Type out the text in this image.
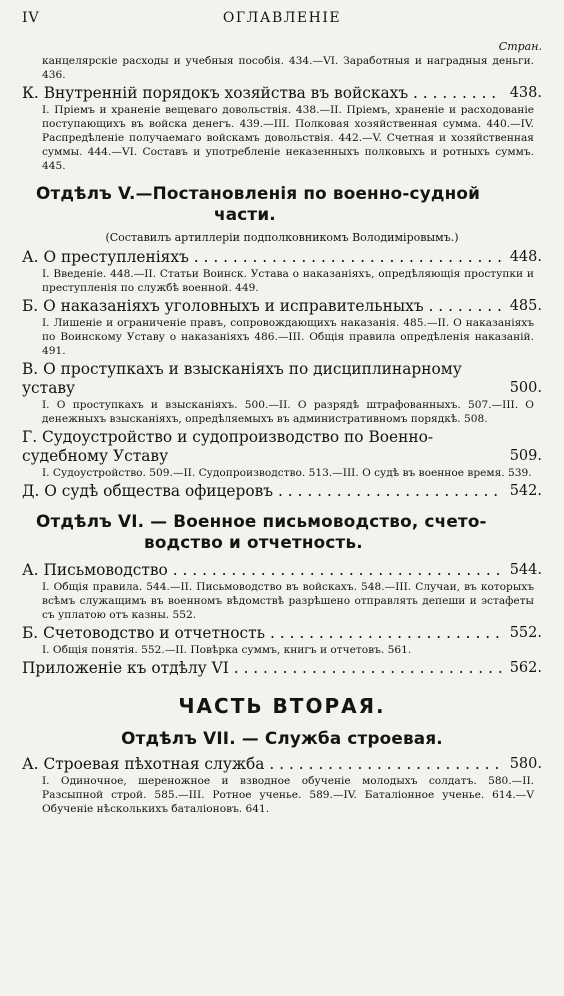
IV	ОГЛАВЛЕНІЕ
Стран.
канцелярскіе расходы и учебныя пособія. 434.—VI. Заработныя и наградныя деньги. 436.
К. Внутренній порядокъ хозяйства въ войскахъ . . .	438.
I. Пріемъ и храненіе вещеваго довольствія. 438.—II. Пріемъ, храненіе и расходованіе поступающихъ въ войска денегъ. 439.—III. Полковая хозяйственная сумма. 440.—IV. Распредѣленіе получаемаго войскамъ довольствія. 442.—V. Счетная и хозяйственная суммы. 444.—VI. Составъ и употребленіе неказенныхъ полковыхъ и ротныхъ суммъ. 445.
Отдѣлъ V.—Постановленія по военно-судной
части.
(Составилъ артиллеріи подполковникомъ Володиміровымъ.)
А. О преступленіяхъ . . .	448.
I. Введеніе. 448.—II. Статьи Воинск. Устава о наказаніяхъ, опредѣляющія проступки и преступленія по службѣ военной. 449.
Б. О наказаніяхъ уголовныхъ и исправительныхъ . . .	485.
I. Лишеніе и ограниченіе правъ, сопровождающихъ наказанія. 485.—II. О наказаніяхъ по Воинскому Уставу о наказаніяхъ 486.—III. Общія правила опредѣленія наказаній. 491.
В. О проступкахъ и взысканіяхъ по дисциплинарному уставу	500.
I. О проступкахъ и взысканіяхъ. 500.—II. О разрядѣ штрафованныхъ. 507.—III. О денежныхъ взысканіяхъ, опредѣляемыхъ въ административномъ порядкѣ. 508.
Г. Судоустройство и судопроизводство по Военно-судебному Уставу	509.
I. Судоустройство. 509.—II. Судопроизводство. 513.—III. О судѣ въ военное время. 539.
Д. О судѣ общества офицеровъ . . .	542.
Отдѣлъ VI. — Военное письмоводство, счето-
водство и отчетность.
А. Письмоводство . . .	544.
I. Общія правила. 544.—II. Письмоводство въ войскахъ. 548.—III. Случаи, въ которыхъ всѣмъ служащимъ въ военномъ вѣдомствѣ разрѣшено отправлять депеши и эстафеты съ уплатою отъ казны. 552.
Б. Счетоводство и отчетность . . .	552.
I. Общія понятія. 552.—II. Повѣрка суммъ, книгъ и отчетовъ. 561.
Приложеніе къ отдѣлу VI . . .	562.
ЧАСТЬ ВТОРАЯ.
Отдѣлъ VII. — Служба строевая.
А. Строевая пѣхотная служба . . .	580.
I. Одиночное, шереножное и взводное обученіе молодыхъ солдатъ. 580.—II. Разсыпной строй. 585.—III. Ротное ученье. 589.—IV. Баталіонное ученье. 614.—V Обученіе нѣсколькихъ баталіоновъ. 641.
